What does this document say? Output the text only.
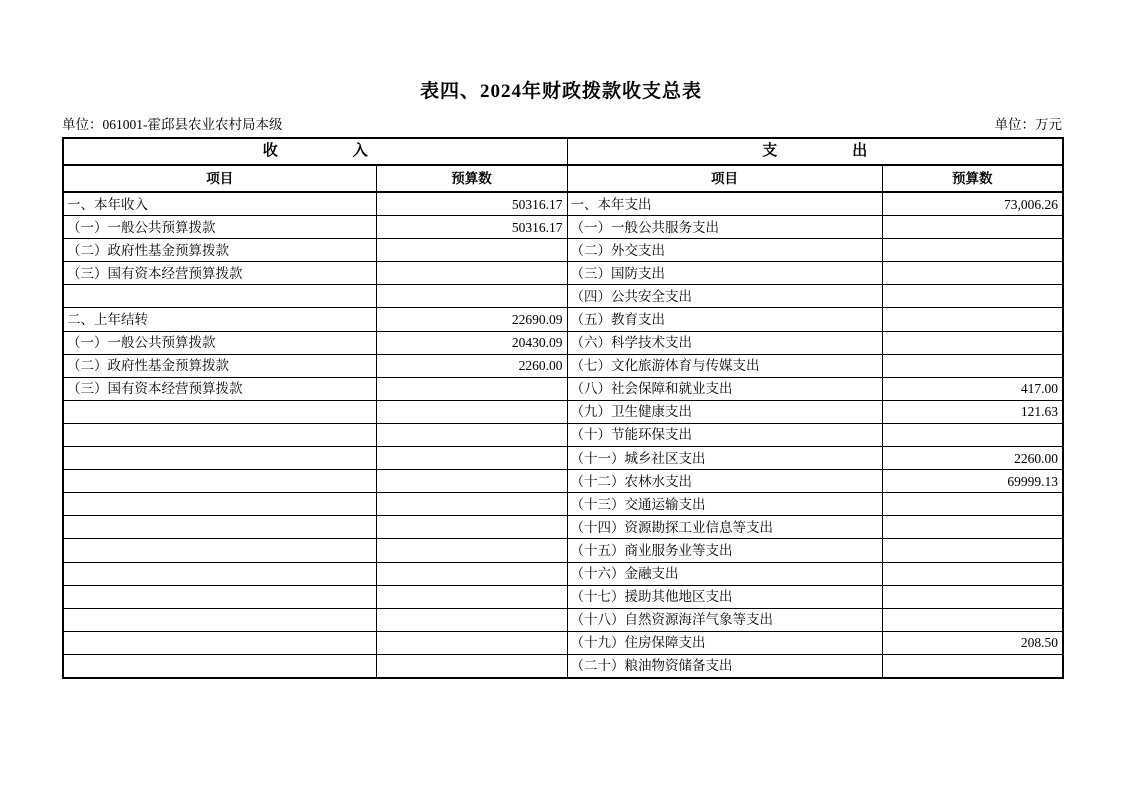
表四、2024年财政拨款收支总表
单位：061001-霍邱县农业农村局本级	单位：万元
收　　　　　入		支　　　　　出	
项目	预算数	项目	预算数
一、本年收入	50316.17	一、本年支出	73,006.26
（一）一般公共预算拨款	50316.17	（一）一般公共服务支出	
（二）政府性基金预算拨款		（二）外交支出	
（三）国有资本经营预算拨款		（三）国防支出	
		（四）公共安全支出	
二、上年结转	22690.09	（五）教育支出	
（一）一般公共预算拨款	20430.09	（六）科学技术支出	
（二）政府性基金预算拨款	2260.00	（七）文化旅游体育与传媒支出	
（三）国有资本经营预算拨款		（八）社会保障和就业支出	417.00
		（九）卫生健康支出	121.63
		（十）节能环保支出	
		（十一）城乡社区支出	2260.00
		（十二）农林水支出	69999.13
		（十三）交通运输支出	
		（十四）资源勘探工业信息等支出	
		（十五）商业服务业等支出	
		（十六）金融支出	
		（十七）援助其他地区支出	
		（十八）自然资源海洋气象等支出	
		（十九）住房保障支出	208.50
		（二十）粮油物资储备支出	
